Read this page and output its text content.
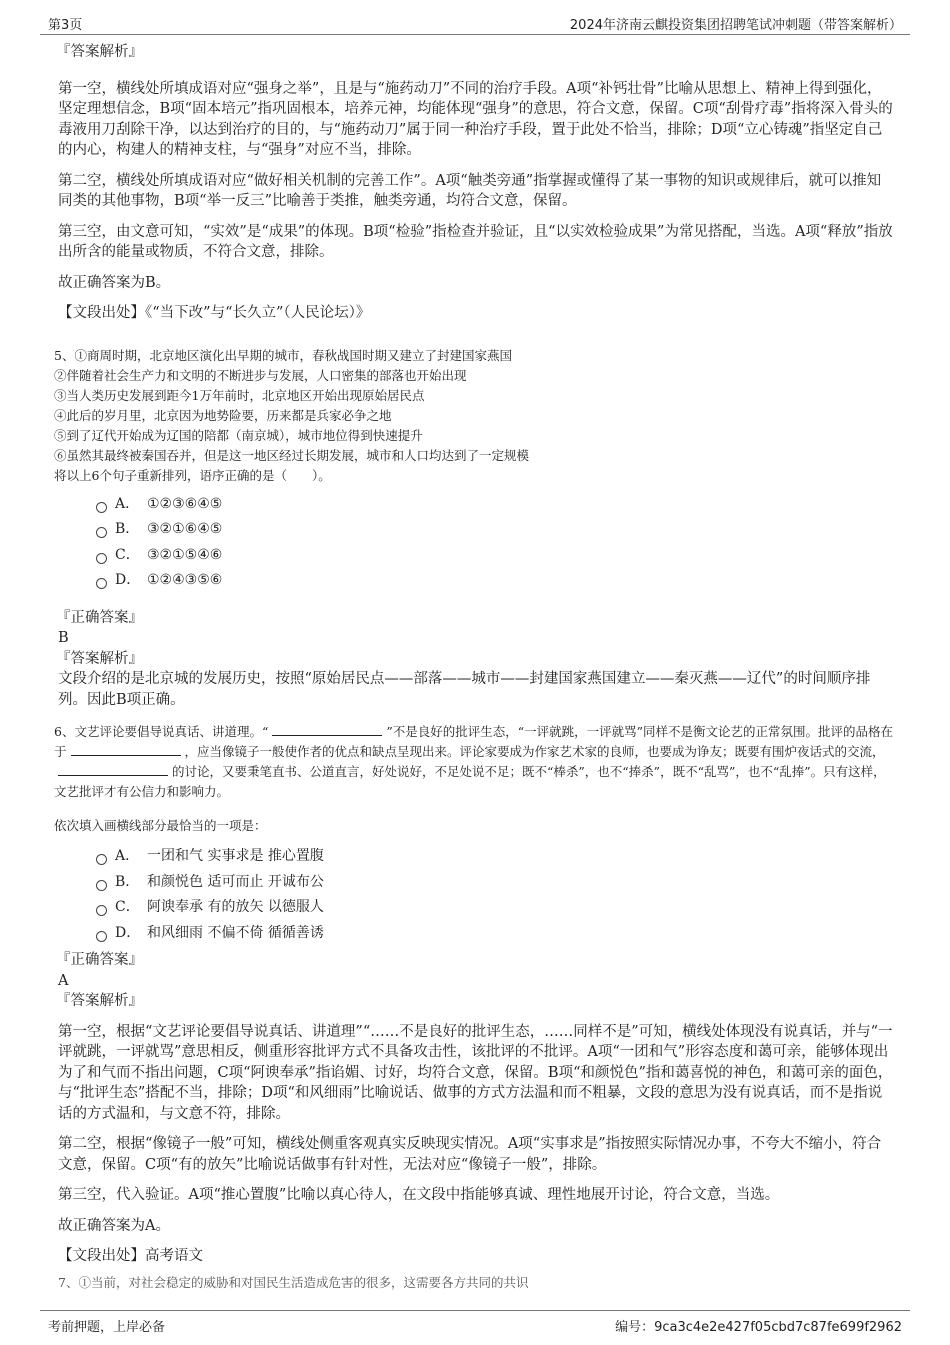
第3页	2024年济南云麒投资集团招聘笔试冲刺题（带答案解析）
『答案解析』

第一空，横线处所填成语对应“强身之举”，且是与“施药动刀”不同的治疗手段。A项“补钙壮骨”比喻从思想上、精神上得到强化，坚定理想信念，B项“固本培元”指巩固根本，培养元神，均能体现“强身”的意思，符合文意，保留。C项“刮骨疗毒”指将深入骨头的毒液用刀刮除干净，以达到治疗的目的，与“施药动刀”属于同一种治疗手段，置于此处不恰当，排除；D项“立心铸魂”指坚定自己的内心，构建人的精神支柱，与“强身”对应不当，排除。

第二空，横线处所填成语对应“做好相关机制的完善工作”。A项“触类旁通”指掌握或懂得了某一事物的知识或规律后，就可以推知同类的其他事物，B项“举一反三”比喻善于类推，触类旁通，均符合文意，保留。

第三空，由文意可知，“实效”是“成果”的体现。B项“检验”指检查并验证，且“以实效检验成果”为常见搭配，当选。A项“释放”指放出所含的能量或物质，不符合文意，排除。

故正确答案为B。

【文段出处】《“当下改”与“长久立”（人民论坛）》

5、①商周时期，北京地区演化出早期的城市，春秋战国时期又建立了封建国家燕国
②伴随着社会生产力和文明的不断进步与发展，人口密集的部落也开始出现
③当人类历史发展到距今1万年前时，北京地区开始出现原始居民点
④此后的岁月里，北京因为地势险要，历来都是兵家必争之地
⑤到了辽代开始成为辽国的陪都（南京城），城市地位得到快速提升
⑥虽然其最终被秦国吞并，但是这一地区经过长期发展，城市和人口均达到了一定规模
将以上6个句子重新排列，语序正确的是（　　）。
A． ①②③⑥④⑤
B． ③②①⑥④⑤
C． ③②①⑤④⑥
D． ①②④③⑤⑥
『正确答案』
B
『答案解析』

文段介绍的是北京城的发展历史，按照“原始居民点——部落——城市——封建国家燕国建立——秦灭燕——辽代”的时间顺序排列。因此B项正确。

6、文艺评论要倡导说真话、讲道理。“	”不是良好的批评生态，“一评就跳，一评就骂”同样不是衡文论艺的正常氛围。批评的品格在于	，应当像镜子一般使作者的优点和缺点呈现出来。评论家要成为作家艺术家的良师，也要成为诤友；既要有围炉夜话式的交流，的讨论，又要秉笔直书、公道直言，好处说好，不足处说不足；既不“棒杀”，也不“捧杀”，既不“乱骂”，也不“乱捧”。只有这样，文艺批评才有公信力和影响力。
依次填入画横线部分最恰当的一项是：
A． 一团和气 实事求是 推心置腹
B． 和颜悦色 适可而止 开诚布公
C． 阿谀奉承 有的放矢 以德服人
D． 和风细雨 不偏不倚 循循善诱
『正确答案』
A
『答案解析』

第一空，根据“文艺评论要倡导说真话、讲道理”“……不是良好的批评生态，……同样不是”可知，横线处体现没有说真话，并与“一评就跳，一评就骂”意思相反，侧重形容批评方式不具备攻击性，该批评的不批评。A项“一团和气”形容态度和蔼可亲，能够体现出为了和气而不指出问题，C项“阿谀奉承”指谄媚、讨好，均符合文意，保留。B项“和颜悦色”指和蔼喜悦的神色，和蔼可亲的面色，与“批评生态”搭配不当，排除；D项“和风细雨”比喻说话、做事的方式方法温和而不粗暴，文段的意思为没有说真话，而不是指说话的方式温和，与文意不符，排除。

第二空，根据“像镜子一般”可知，横线处侧重客观真实反映现实情况。A项“实事求是”指按照实际情况办事，不夸大不缩小，符合文意，保留。C项“有的放矢”比喻说话做事有针对性，无法对应“像镜子一般”，排除。

第三空，代入验证。A项“推心置腹”比喻以真心待人，在文段中指能够真诚、理性地展开讨论，符合文意，当选。

故正确答案为A。

【文段出处】高考语文

7、①当前，对社会稳定的威胁和对国民生活造成危害的很多，这需要各方共同的共识
考前押题，上岸必备	编号：9ca3c4e2e427f05cbd7c87fe699f2962
